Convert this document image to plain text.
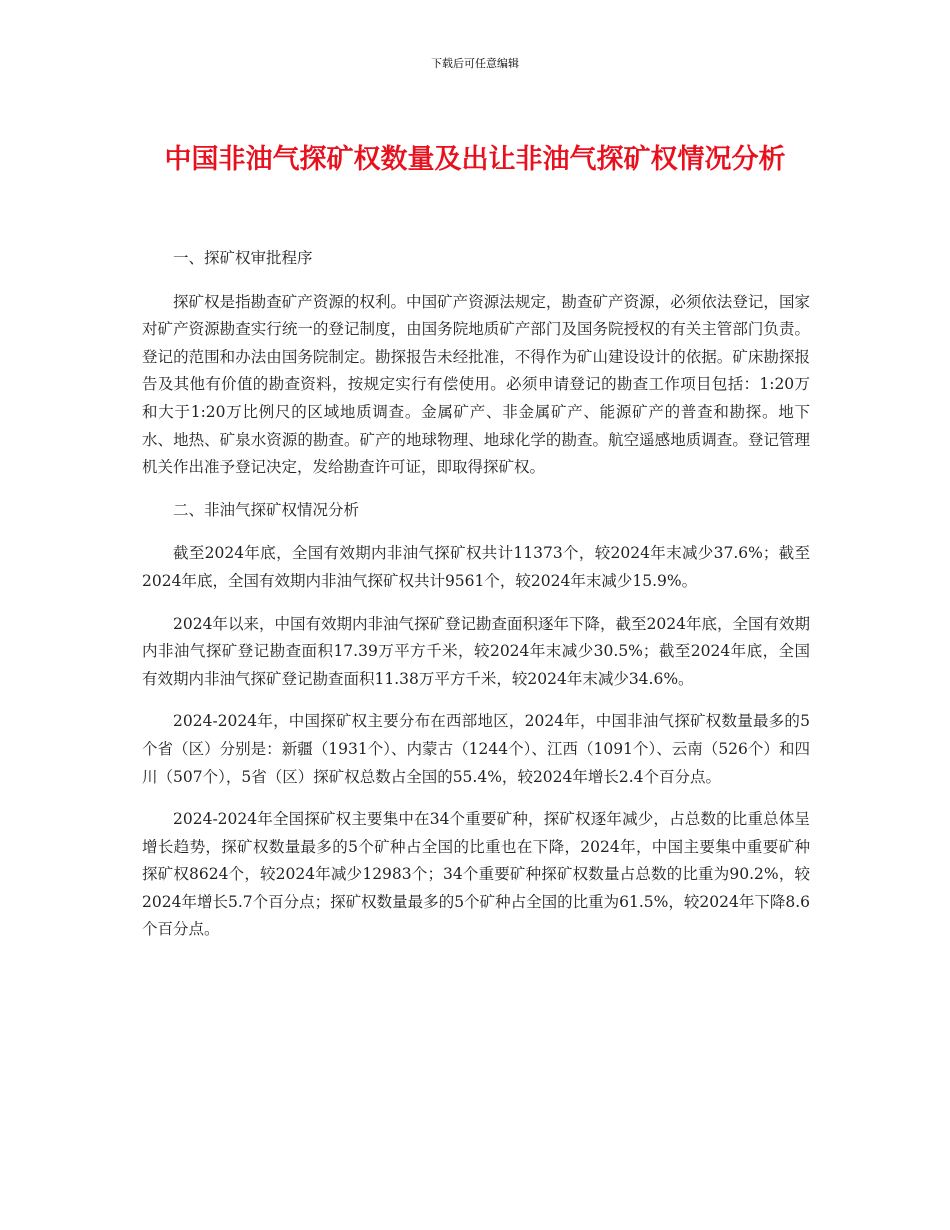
下载后可任意编辑
中国非油气探矿权数量及出让非油气探矿权情况分析

一、探矿权审批程序

探矿权是指勘查矿产资源的权利。中国矿产资源法规定，勘查矿产资源，必须依法登记，国家对矿产资源勘查实行统一的登记制度，由国务院地质矿产部门及国务院授权的有关主管部门负责。登记的范围和办法由国务院制定。勘探报告未经批准，不得作为矿山建设设计的依据。矿床勘探报告及其他有价值的勘查资料，按规定实行有偿使用。必须申请登记的勘查工作项目包括：1:20万和大于1:20万比例尺的区域地质调查。金属矿产、非金属矿产、能源矿产的普查和勘探。地下水、地热、矿泉水资源的勘查。矿产的地球物理、地球化学的勘查。航空遥感地质调查。登记管理机关作出准予登记决定，发给勘查许可证，即取得探矿权。

二、非油气探矿权情况分析

截至2024年底，全国有效期内非油气探矿权共计11373个，较2024年末减少37.6%；截至2024年底，全国有效期内非油气探矿权共计9561个，较2024年末减少15.9%。

2024年以来，中国有效期内非油气探矿登记勘查面积逐年下降，截至2024年底，全国有效期内非油气探矿登记勘查面积17.39万平方千米，较2024年末减少30.5%；截至2024年底，全国有效期内非油气探矿登记勘查面积11.38万平方千米，较2024年末减少34.6%。

2024-2024年，中国探矿权主要分布在西部地区，2024年，中国非油气探矿权数量最多的5个省（区）分别是：新疆（1931个）、内蒙古（1244个）、江西（1091个）、云南（526个）和四川（507个），5省（区）探矿权总数占全国的55.4%，较2024年增长2.4个百分点。

2024-2024年全国探矿权主要集中在34个重要矿种，探矿权逐年减少，占总数的比重总体呈增长趋势，探矿权数量最多的5个矿种占全国的比重也在下降，2024年，中国主要集中重要矿种探矿权8624个，较2024年减少12983个；34个重要矿种探矿权数量占总数的比重为90.2%，较2024年增长5.7个百分点；探矿权数量最多的5个矿种占全国的比重为61.5%，较2024年下降8.6个百分点。
